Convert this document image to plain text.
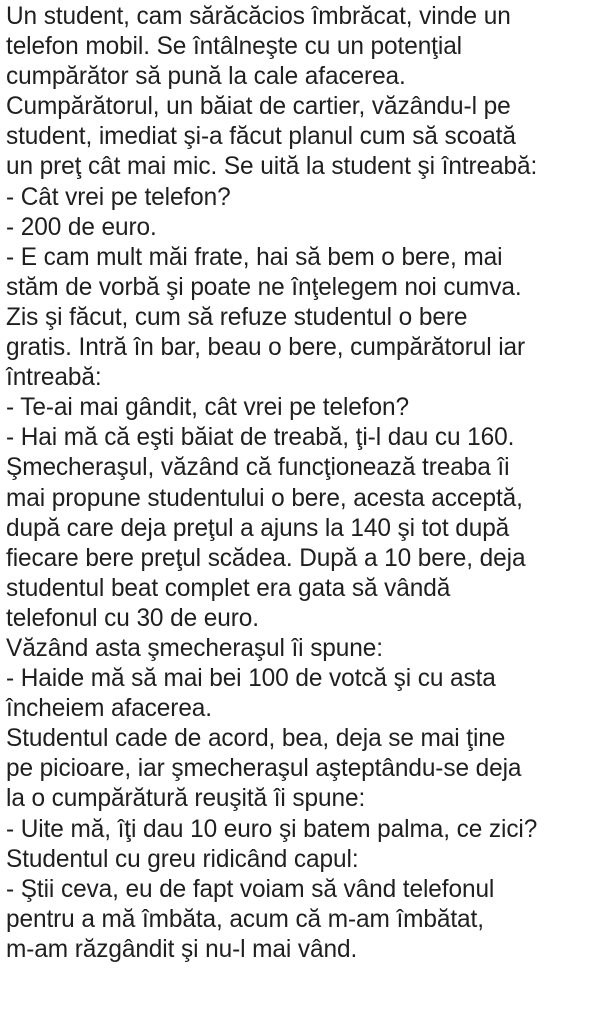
Un student, cam sărăcăcios îmbrăcat, vinde un
telefon mobil. Se întâlneşte cu un potenţial
cumpărător să pună la cale afacerea.
Cumpărătorul, un băiat de cartier, văzându-l pe
student, imediat şi-a făcut planul cum să scoată
un preţ cât mai mic. Se uită la student şi întreabă:
- Cât vrei pe telefon?
- 200 de euro.
- E cam mult măi frate, hai să bem o bere, mai
stăm de vorbă şi poate ne înţelegem noi cumva.
Zis şi făcut, cum să refuze studentul o bere
gratis. Intră în bar, beau o bere, cumpărătorul iar
întreabă:
- Te-ai mai gândit, cât vrei pe telefon?
- Hai mă că eşti băiat de treabă, ţi-l dau cu 160.
Şmecheraşul, văzând că funcţionează treaba îi
mai propune studentului o bere, acesta acceptă,
după care deja preţul a ajuns la 140 şi tot după
fiecare bere preţul scădea. După a 10 bere, deja
studentul beat complet era gata să vândă
telefonul cu 30 de euro.
Văzând asta şmecheraşul îi spune:
- Haide mă să mai bei 100 de votcă şi cu asta
încheiem afacerea.
Studentul cade de acord, bea, deja se mai ţine
pe picioare, iar şmecheraşul aşteptându-se deja
la o cumpărătură reuşită îi spune:
- Uite mă, îţi dau 10 euro şi batem palma, ce zici?
Studentul cu greu ridicând capul:
- Ştii ceva, eu de fapt voiam să vând telefonul
pentru a mă îmbăta, acum că m-am îmbătat,
m-am răzgândit şi nu-l mai vând.
